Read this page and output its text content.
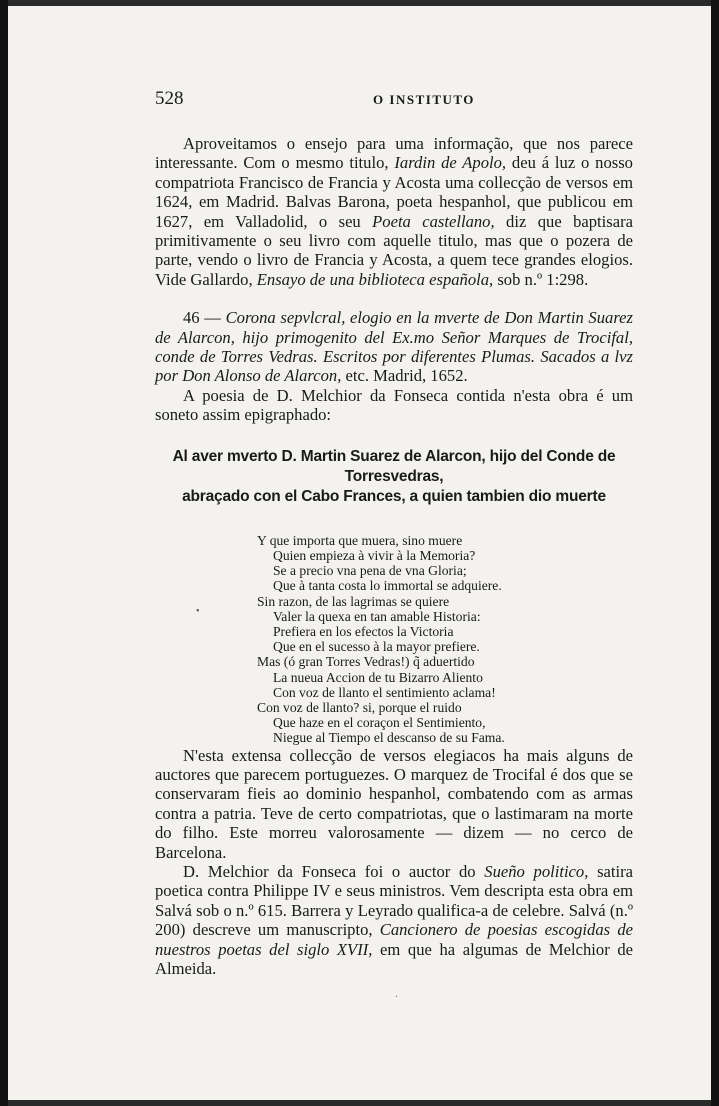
528	O INSTITUTO

Aproveitamos o ensejo para uma informação, que nos parece interessante. Com o mesmo titulo, Iardin de Apolo, deu á luz o nosso compatriota Francisco de Francia y Acosta uma collecção de versos em 1624, em Madrid. Balvas Barona, poeta hespanhol, que publicou em 1627, em Valladolid, o seu Poeta castellano, diz que baptisara primitivamente o seu livro com aquelle titulo, mas que o pozera de parte, vendo o livro de Francia y Acosta, a quem tece grandes elogios. Vide Gallardo, Ensayo de una biblioteca española, sob n.º 1:298.

46 — Corona sepvlcral, elogio en la mverte de Don Martin Suarez de Alarcon, hijo primogenito del Ex.mo Señor Marques de Trocifal, conde de Torres Vedras. Escritos por diferentes Plumas. Sacados a lvz por Don Alonso de Alarcon, etc. Madrid, 1652.

A poesia de D. Melchior da Fonseca contida n'esta obra é um soneto assim epigraphado:

Al aver mverto D. Martin Suarez de Alarcon, hijo del Conde de Torresvedras,
abraçado con el Cabo Frances, a quien tambien dio muerte
Y que importa que muera, sino muere
Quien empieza à vivir à la Memoria?
Se a precio vna pena de vna Gloria;
Que à tanta costa lo immortal se adquiere.
Sin razon, de las lagrimas se quiere
Valer la quexa en tan amable Historia:
Prefiera en los efectos la Victoria
Que en el sucesso à la mayor prefiere.
Mas (ó gran Torres Vedras!) q̃ aduertido
La nueua Accion de tu Bizarro Aliento
Con voz de llanto el sentimiento aclama!
Con voz de llanto? si, porque el ruido
Que haze en el coraçon el Sentimiento,
Niegue al Tiempo el descanso de su Fama.

N'esta extensa collecção de versos elegiacos ha mais alguns de auctores que parecem portuguezes. O marquez de Trocifal é dos que se conservaram fieis ao dominio hespanhol, combatendo com as armas contra a patria. Teve de certo compatriotas, que o lastimaram na morte do filho. Este morreu valorosamente — dizem — no cerco de Barcelona.

D. Melchior da Fonseca foi o auctor do Sueño politico, satira poetica contra Philippe IV e seus ministros. Vem descripta esta obra em Salvá sob o n.º 615. Barrera y Leyrado qualifica-a de celebre. Salvá (n.º 200) descreve um manuscripto, Cancionero de poesias escogidas de nuestros poetas del siglo XVII, em que ha algumas de Melchior de Almeida.

•
·
